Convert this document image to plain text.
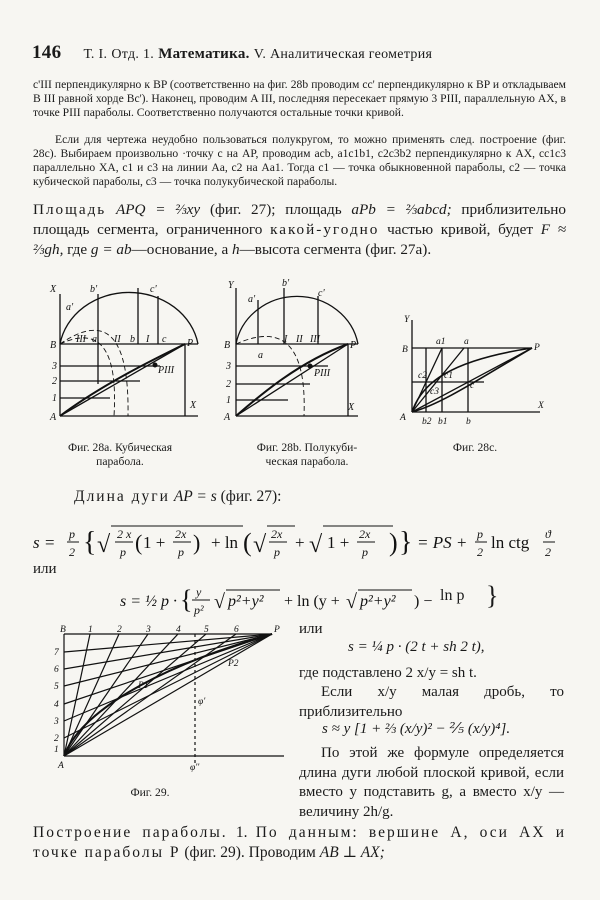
146 Т. I. Отд. 1. Математика. V. Аналитическая геометрия
c'III перпендикулярно к BP (соответственно на фиг. 28b проводим cc' перпендикулярно к BP и откладываем B III равной хорде Bc'). Наконец, проводим A III, последняя пересекает прямую 3 PIII, параллельную AX, в точке PIII параболы. Соответственно получаются остальные точки кривой.
Если для чертежа неудобно пользоваться полукругом, то можно применять след. построение (фиг. 28c). Выбираем произвольно ·точку c на AP, проводим acb, a1c1b1, c2c3b2 перпендикулярно к AX, cc1c3 параллельно XA, c1 и c3 на линии Aa, c2 на Aa1. Тогда c1 — точка обыкновенной параболы, c2 — точка кубической параболы, c3 — точка полукубической параболы.
Площадь APQ = ⅔xy (фиг. 27); площадь aPb = ⅔abcd; приблизительно площадь сегмента, ограниченного какой-угодно частью кривой, будет F ≈ ⅔gh, где g = ab—основание, а h—высота сегмента (фиг. 27a).
X	b'
a'
c'
B
III a II b I c P
3
2
1
PIII
A
X
Фиг. 28a. Кубическая
парабола.
Y	b'
a'
c'
B
a
I II III
P
3
2
1
PIII
A
X
Фиг. 28b. Полукуби-
ческая парабола.
Y
B
a1 a
P
c2 c1
c3
c
A b2 b1 b
X
Фиг. 28c.
Длина дуги AP = s (фиг. 27):
s = p
2 { √ 2 x
p ( 1 + 2x
p ) + ln ( √ 2x
p + √ 1 + 2x
p ) } = PS + p
2 ln ctg ϑ
2
или
s = ½ p · { y
p² √ p²+y² + ln (y + √ p²+y² ) − ln p }
B 1	2	3	4 5	6	P
7
6
5
4
3
2
1
P2
P1
φ'
φ''
A
Фиг. 29.
или
s = ¼ p · (2 t + sh 2 t),
где подставлено 2 x/y = sh t.
Если x/y малая дробь, то приблизительно
s ≈ y [1 + ⅔ (x/y)² − ⅖ (x/y)⁴].
По этой же формуле определяется длина дуги любой плоской кривой, если вместо y подставить g, а вместо x/y — величину 2h/g.
Построение параболы. 1. По данным: вершине A, оси AX и точке параболы P (фиг. 29). Проводим AB ⊥ AX;
